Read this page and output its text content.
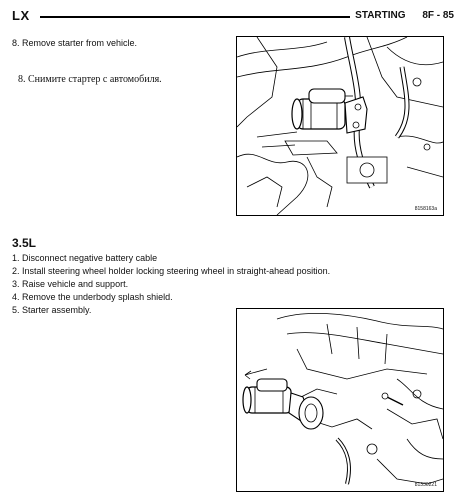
LX	STARTING 8F - 85
8. Remove starter from vehicle.
8. Снимите стартер с автомобиля.
8158163a
3.5L
1. Disconnect negative battery cable
2. Install steering wheel holder locking steering wheel in straight-ahead position.
3. Raise vehicle and support.
4. Remove the underbody splash shield.
5. Starter assembly.
81330221
